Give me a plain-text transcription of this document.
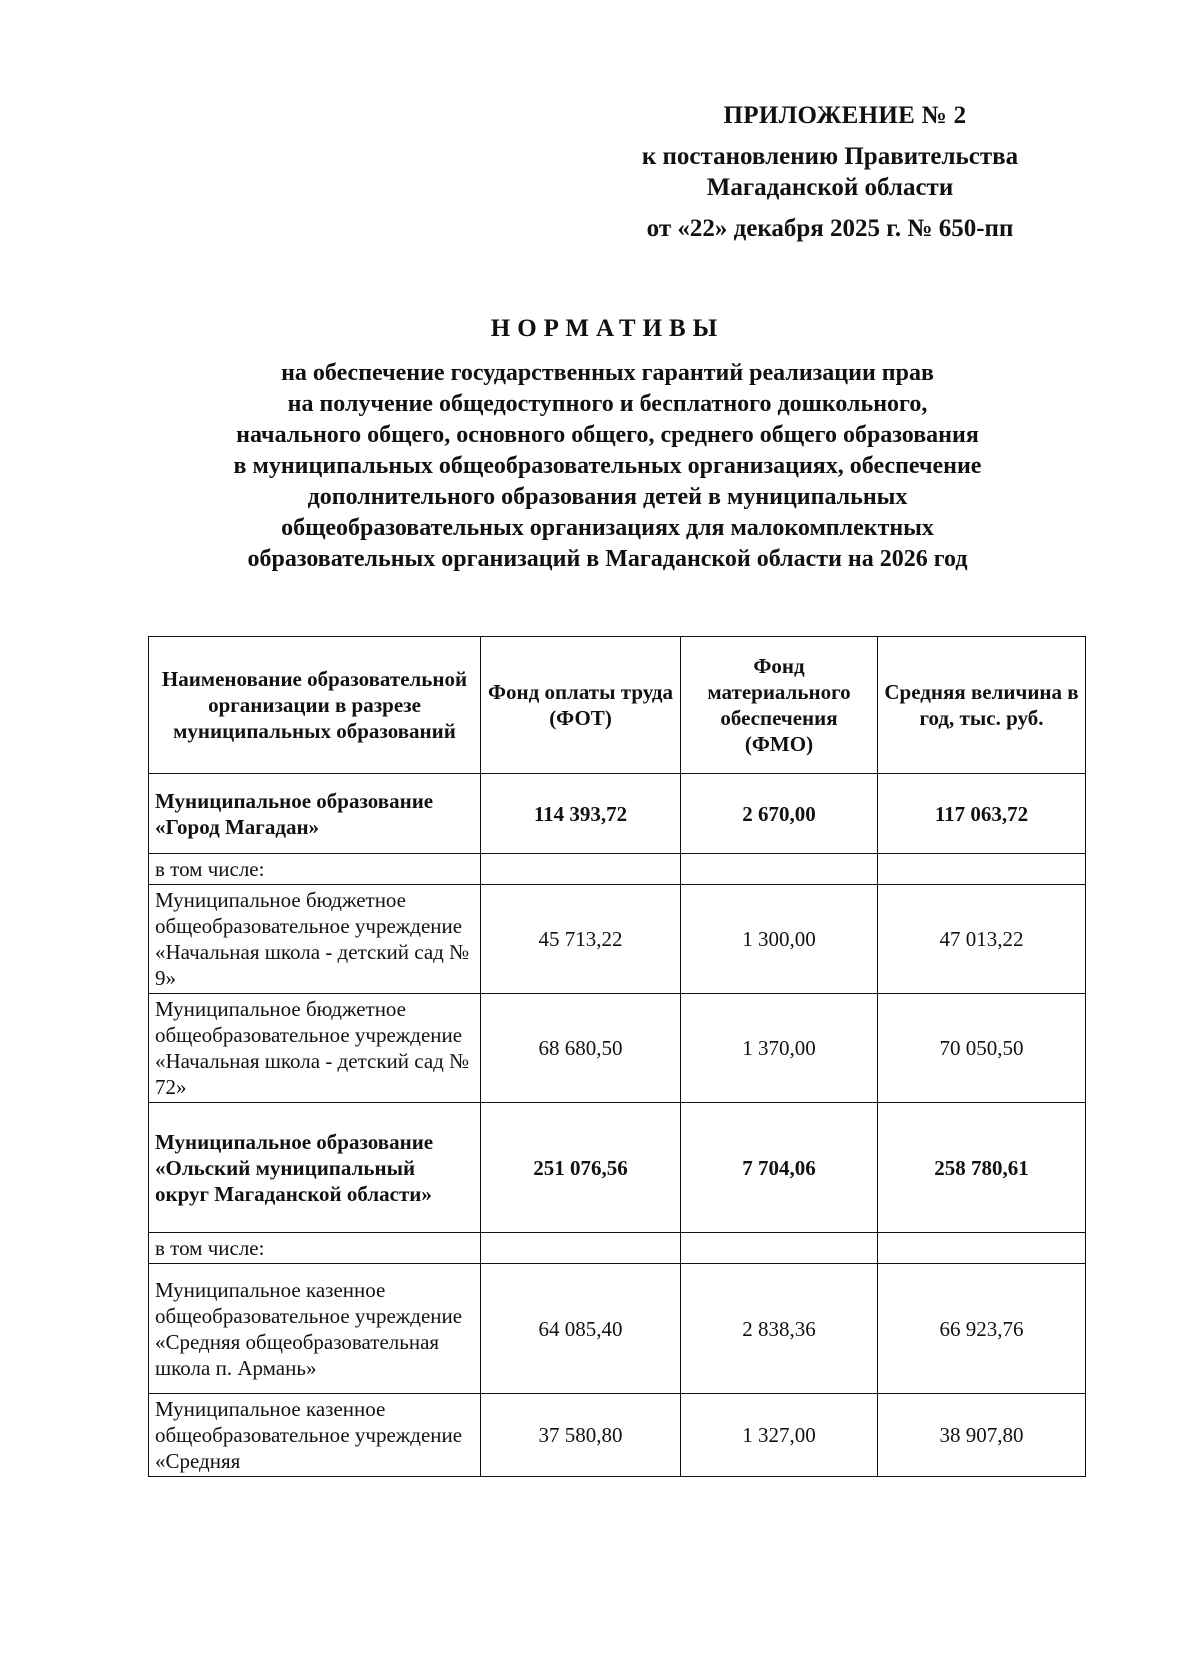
ПРИЛОЖЕНИЕ № 2
к постановлению Правительства
Магаданской области
от «22» декабря 2025 г. № 650-пп
НОРМАТИВЫ
на обеспечение государственных гарантий реализации прав
на получение общедоступного и бесплатного дошкольного,
начального общего, основного общего, среднего общего образования
в муниципальных общеобразовательных организациях, обеспечение
дополнительного образования детей в муниципальных
общеобразовательных организациях для малокомплектных
образовательных организаций в Магаданской области на 2026 год
Наименование образовательной организации в разрезе муниципальных образований	Фонд оплаты труда (ФОТ)	Фонд материального обеспечения (ФМО)	Средняя величина в год, тыс. руб.
Муниципальное образование «Город Магадан»	114 393,72	2 670,00	117 063,72
в том числе:			
Муниципальное бюджетное общеобразовательное учреждение «Начальная школа - детский сад № 9»	45 713,22	1 300,00	47 013,22
Муниципальное бюджетное общеобразовательное учреждение «Начальная школа - детский сад № 72»	68 680,50	1 370,00	70 050,50
Муниципальное образование «Ольский муниципальный округ Магаданской области»	251 076,56	7 704,06	258 780,61
в том числе:			
Муниципальное казенное общеобразовательное учреждение «Средняя общеобразовательная школа п. Армань»	64 085,40	2 838,36	66 923,76
Муниципальное казенное общеобразовательное учреждение «Средняя	37 580,80	1 327,00	38 907,80
